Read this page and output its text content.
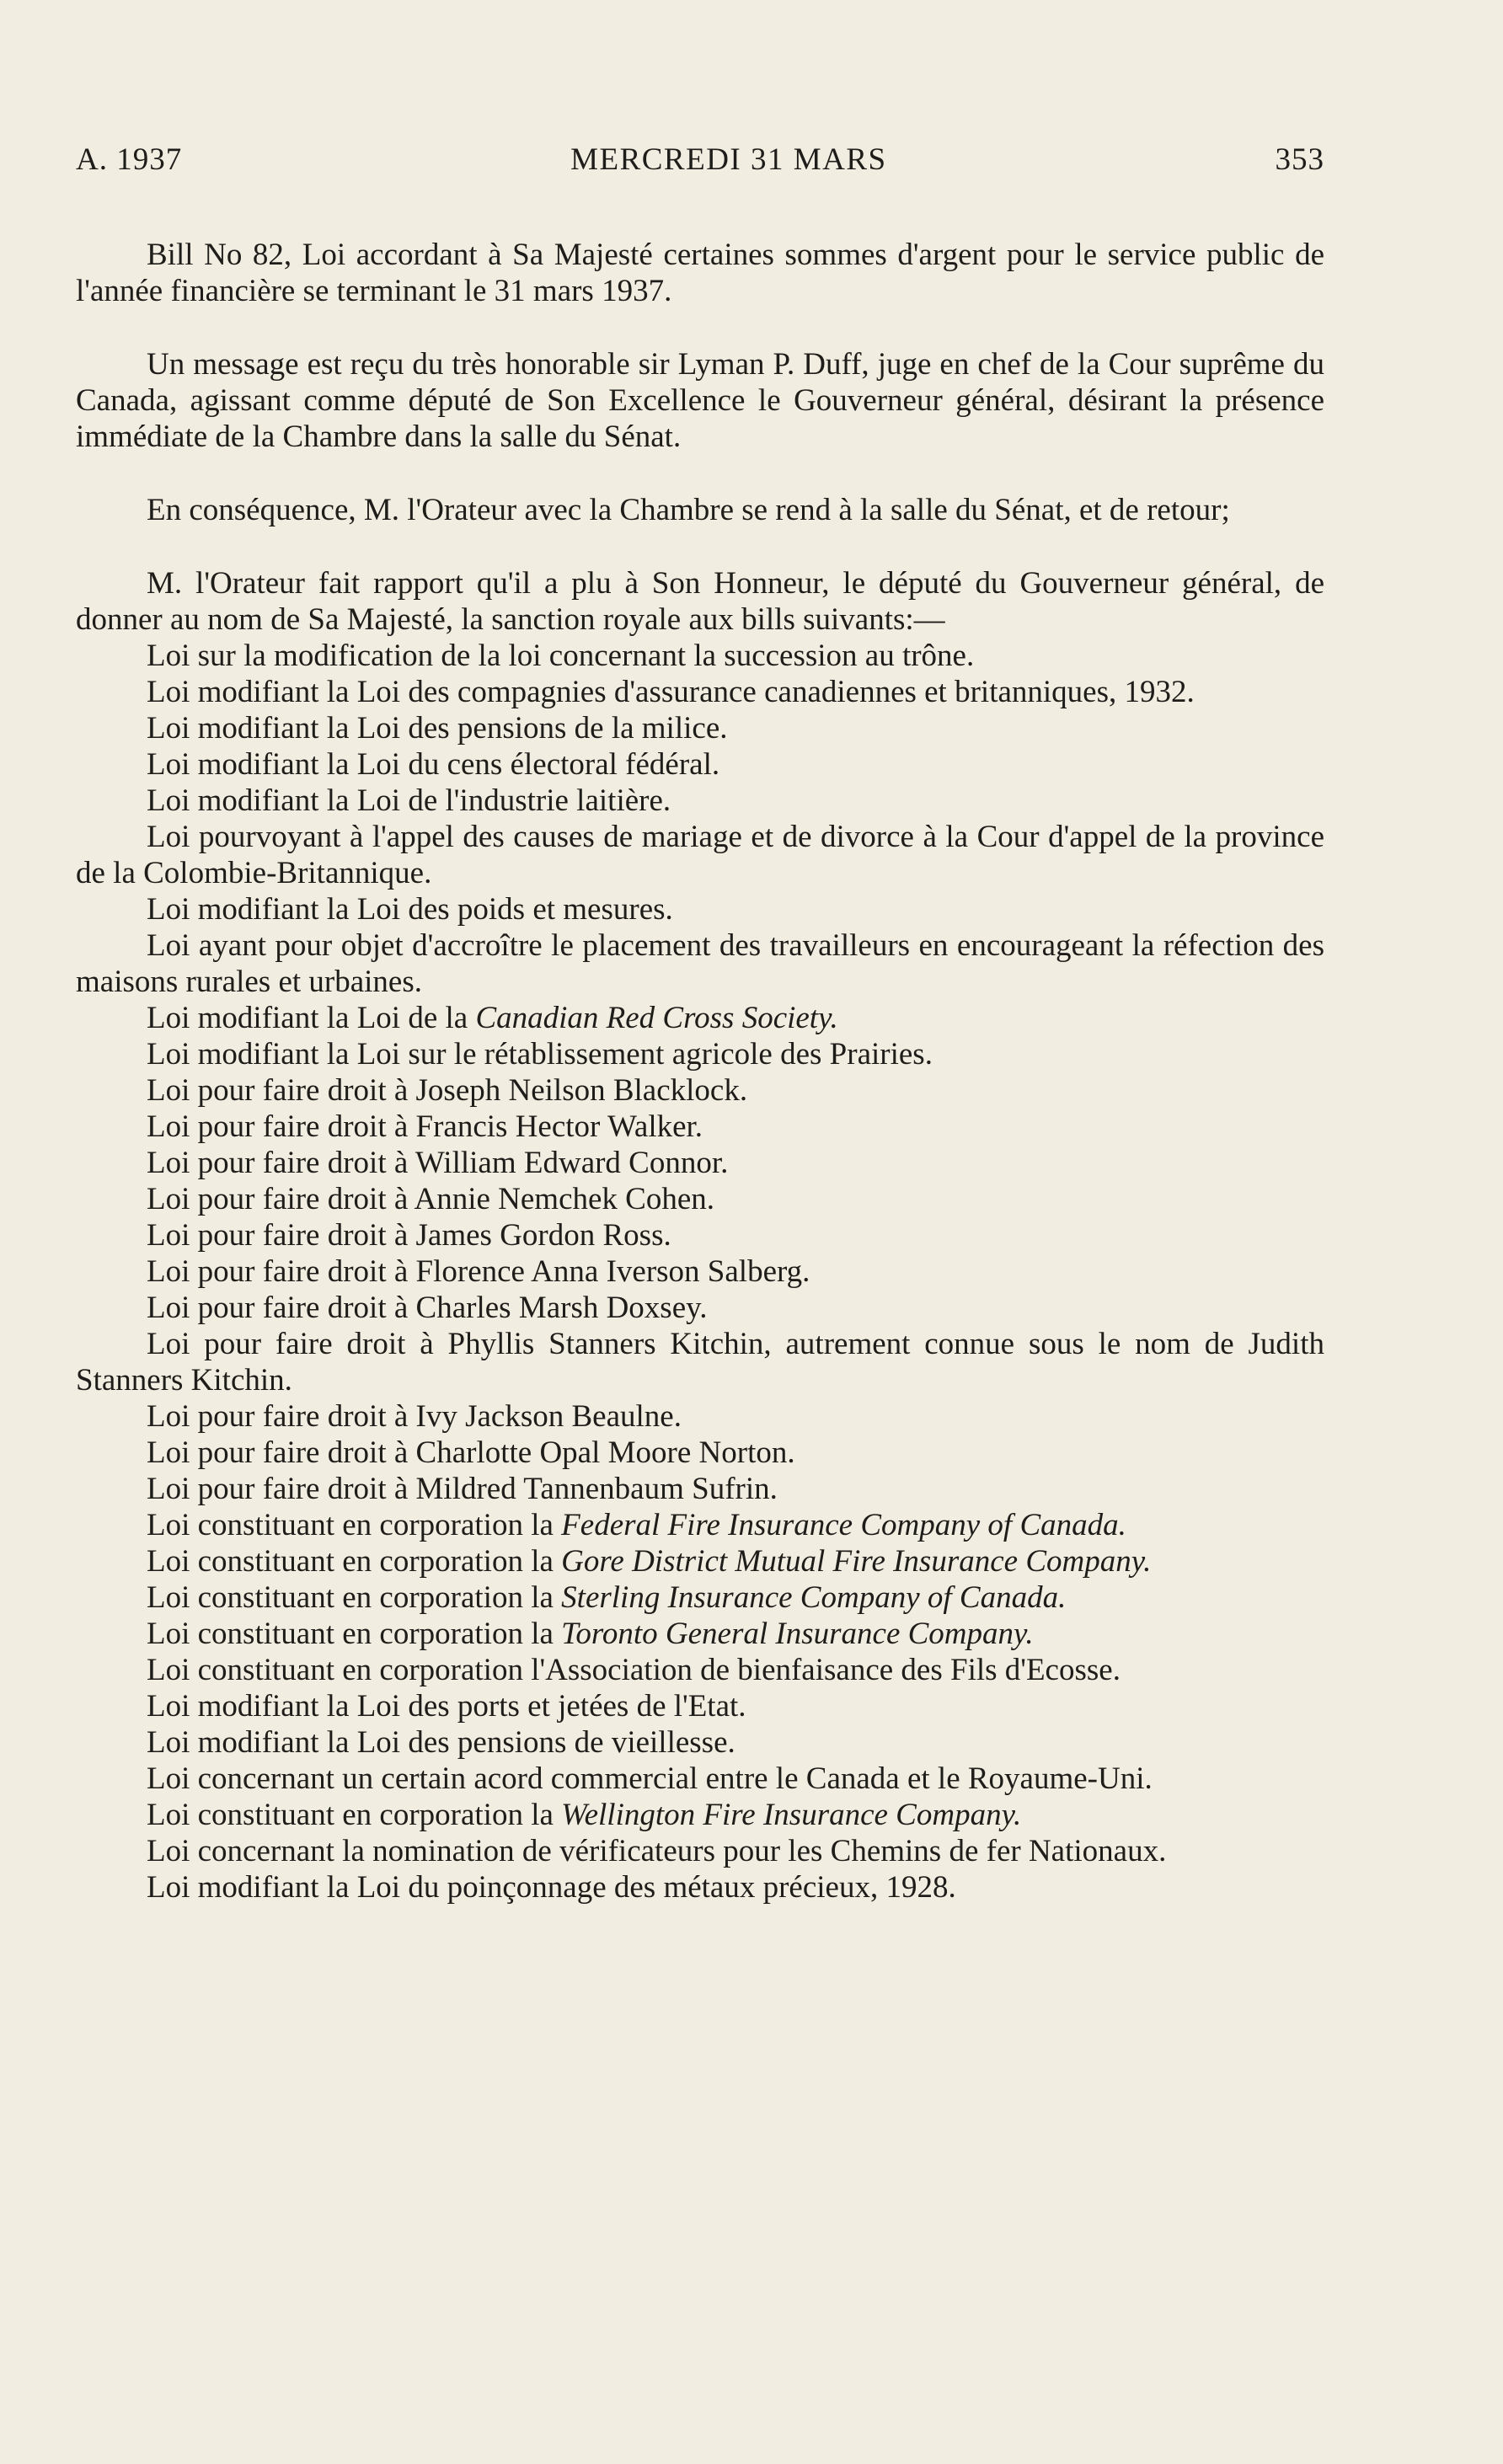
A. 1937	MERCREDI 31 MARS	353

Bill No 82, Loi accordant à Sa Majesté certaines sommes d'argent pour le service public de l'année financière se terminant le 31 mars 1937.

Un message est reçu du très honorable sir Lyman P. Duff, juge en chef de la Cour suprême du Canada, agissant comme député de Son Excellence le Gouverneur général, désirant la présence immédiate de la Chambre dans la salle du Sénat.

En conséquence, M. l'Orateur avec la Chambre se rend à la salle du Sénat, et de retour;

M. l'Orateur fait rapport qu'il a plu à Son Honneur, le député du Gouverneur général, de donner au nom de Sa Majesté, la sanction royale aux bills suivants:—

Loi sur la modification de la loi concernant la succession au trône.

Loi modifiant la Loi des compagnies d'assurance canadiennes et britanniques, 1932.

Loi modifiant la Loi des pensions de la milice.

Loi modifiant la Loi du cens électoral fédéral.

Loi modifiant la Loi de l'industrie laitière.

Loi pourvoyant à l'appel des causes de mariage et de divorce à la Cour d'appel de la province de la Colombie-Britannique.

Loi modifiant la Loi des poids et mesures.

Loi ayant pour objet d'accroître le placement des travailleurs en encourageant la réfection des maisons rurales et urbaines.

Loi modifiant la Loi de la Canadian Red Cross Society.

Loi modifiant la Loi sur le rétablissement agricole des Prairies.

Loi pour faire droit à Joseph Neilson Blacklock.

Loi pour faire droit à Francis Hector Walker.

Loi pour faire droit à William Edward Connor.

Loi pour faire droit à Annie Nemchek Cohen.

Loi pour faire droit à James Gordon Ross.

Loi pour faire droit à Florence Anna Iverson Salberg.

Loi pour faire droit à Charles Marsh Doxsey.

Loi pour faire droit à Phyllis Stanners Kitchin, autrement connue sous le nom de Judith Stanners Kitchin.

Loi pour faire droit à Ivy Jackson Beaulne.

Loi pour faire droit à Charlotte Opal Moore Norton.

Loi pour faire droit à Mildred Tannenbaum Sufrin.

Loi constituant en corporation la Federal Fire Insurance Company of Canada.

Loi constituant en corporation la Gore District Mutual Fire Insurance Company.

Loi constituant en corporation la Sterling Insurance Company of Canada.

Loi constituant en corporation la Toronto General Insurance Company.

Loi constituant en corporation l'Association de bienfaisance des Fils d'Ecosse.

Loi modifiant la Loi des ports et jetées de l'Etat.

Loi modifiant la Loi des pensions de vieillesse.

Loi concernant un certain acord commercial entre le Canada et le Royaume-Uni.

Loi constituant en corporation la Wellington Fire Insurance Company.

Loi concernant la nomination de vérificateurs pour les Chemins de fer Nationaux.

Loi modifiant la Loi du poinçonnage des métaux précieux, 1928.
